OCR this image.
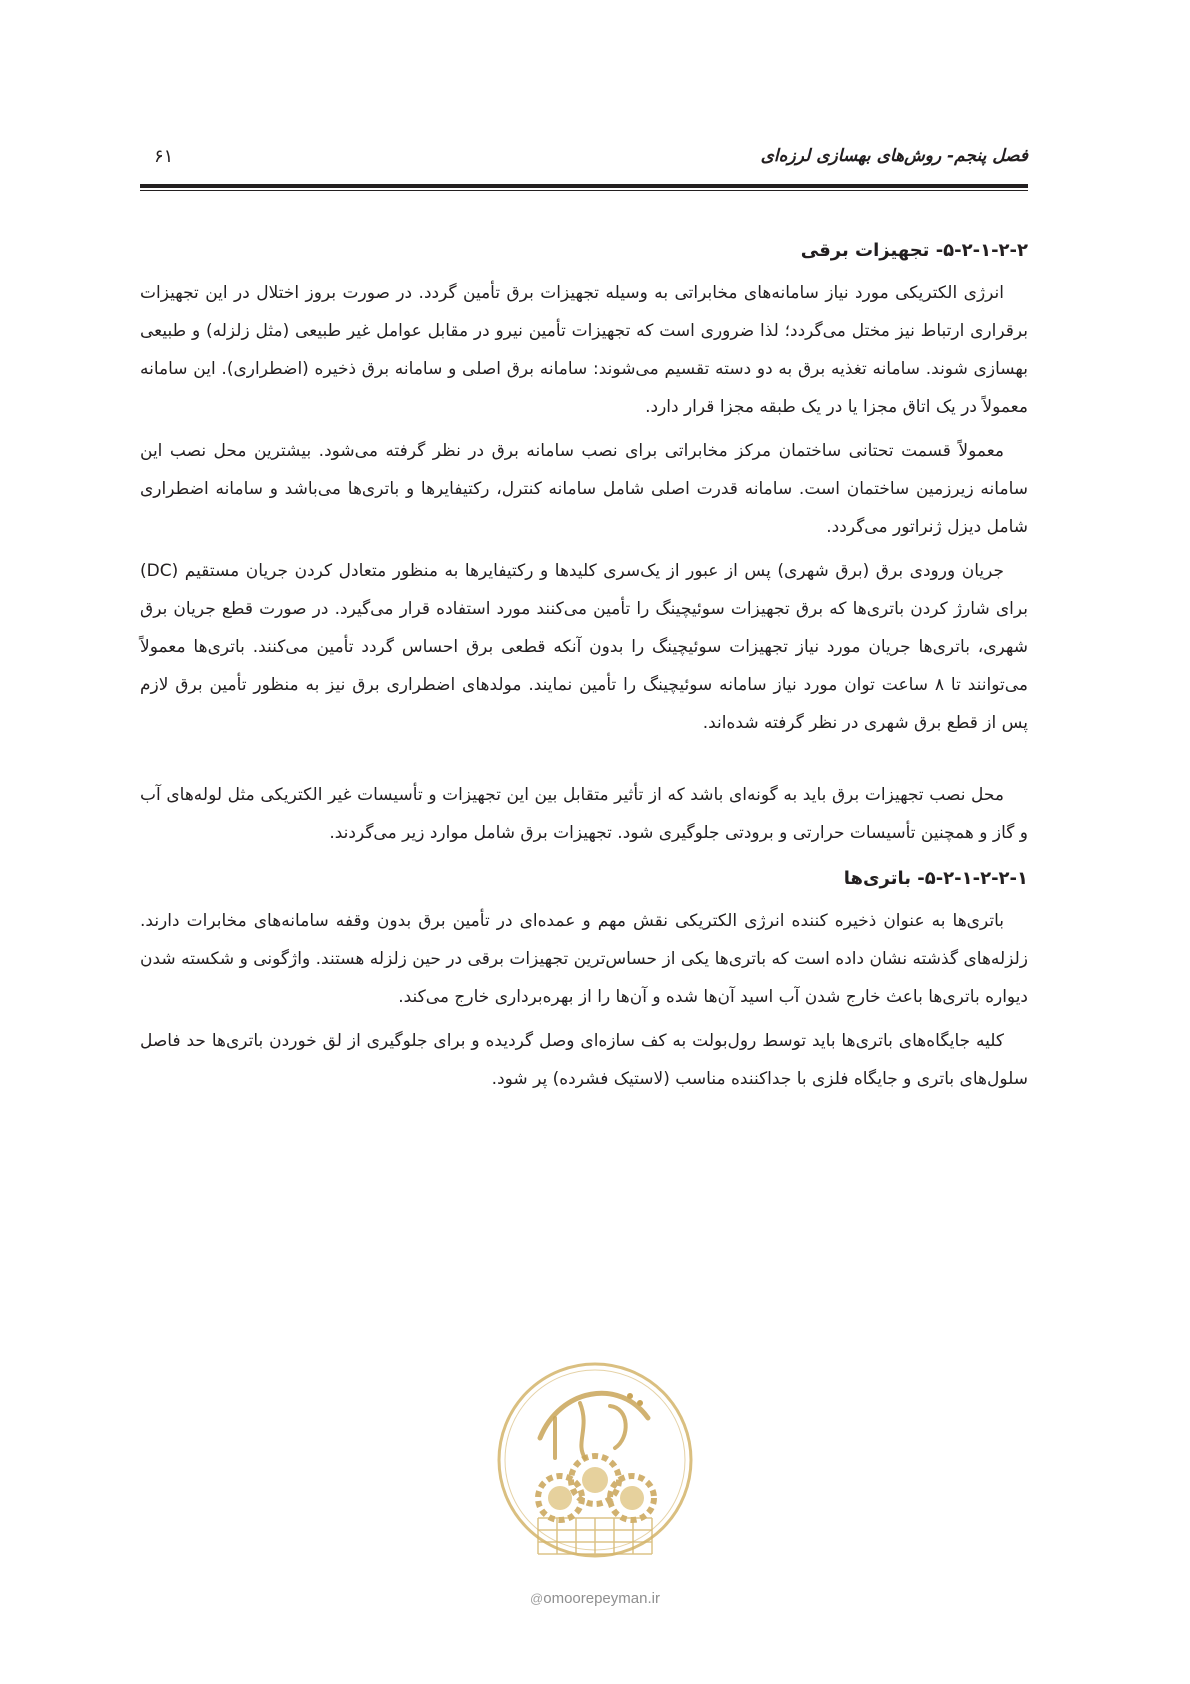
فصل پنجم- روش‌های بهسازی لرزه‌ای
۶۱
۵-۲-۱-۲-۲- تجهیزات برقی

انرژی الکتریکی مورد نیاز سامانه‌های مخابراتی به وسیله تجهیزات برق تأمین گردد. در صورت بروز اختلال در این تجهیزات برقراری ارتباط نیز مختل می‌گردد؛ لذا ضروری است که تجهیزات تأمین نیرو در مقابل عوامل غیر طبیعی (مثل زلزله) و طبیعی بهسازی شوند. سامانه تغذیه برق به دو دسته تقسیم می‌شوند: سامانه برق اصلی و سامانه برق ذخیره (اضطراری). این سامانه معمولاً در یک اتاق مجزا یا در یک طبقه مجزا قرار دارد.

معمولاً قسمت تحتانی ساختمان مرکز مخابراتی برای نصب سامانه برق در نظر گرفته می‌شود. بیشترین محل نصب این سامانه زیرزمین ساختمان است. سامانه قدرت اصلی شامل سامانه کنترل، رکتیفایرها و باتری‌ها می‌باشد و سامانه اضطراری شامل دیزل ژنراتور می‌گردد.

جریان ورودی برق (برق شهری) پس از عبور از یک‌سری کلیدها و رکتیفایرها به منظور متعادل کردن جریان مستقیم (DC) برای شارژ کردن باتری‌ها که برق تجهیزات سوئیچینگ را تأمین می‌کنند مورد استفاده قرار می‌گیرد. در صورت قطع جریان برق شهری، باتری‌ها جریان مورد نیاز تجهیزات سوئیچینگ را بدون آنکه قطعی برق احساس گردد تأمین می‌کنند. باتری‌ها معمولاً می‌توانند تا ۸ ساعت توان مورد نیاز سامانه سوئیچینگ را تأمین نمایند. مولدهای اضطراری برق نیز به منظور تأمین برق لازم پس از قطع برق شهری در نظر گرفته شده‌اند.

محل نصب تجهیزات برق باید به گونه‌ای باشد که از تأثیر متقابل بین این تجهیزات و تأسیسات غیر الکتریکی مثل لوله‌های آب و گاز و همچنین تأسیسات حرارتی و برودتی جلوگیری شود. تجهیزات برق شامل موارد زیر می‌گردند.

۵-۲-۱-۲-۲-۱- باتری‌ها

باتری‌ها به عنوان ذخیره کننده انرژی الکتریکی نقش مهم و عمده‌ای در تأمین برق بدون وقفه سامانه‌های مخابرات دارند. زلزله‌های گذشته نشان داده است که باتری‌ها یکی از حساس‌ترین تجهیزات برقی در حین زلزله هستند. واژگونی و شکسته شدن دیواره باتری‌ها باعث خارج شدن آب اسید آن‌ها شده و آن‌ها را از بهره‌برداری خارج می‌کند.

کلیه جایگاه‌های باتری‌ها باید توسط رول‌بولت به کف سازه‌ای وصل گردیده و برای جلوگیری از لق خوردن باتری‌ها حد فاصل سلول‌های باتری و جایگاه فلزی با جداکننده مناسب (لاستیک فشرده) پر شود.

@omoorepeyman.ir
